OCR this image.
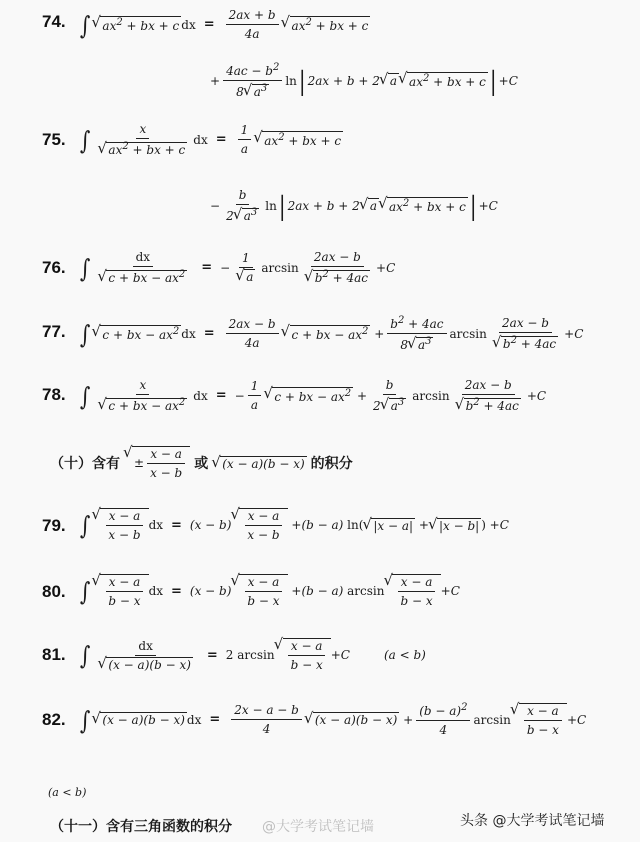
74. ∫ √ $ax^2$ + bx + c dx = $\frac{2ax + b}{4a}$ √ $ax^2$ + bx + c
+ $\frac{4ac - b^2}{8 √ a^3}$ ln | 2ax + b + 2 √ a √ $ax^2$ + bx + c | + C
75. ∫ x
√ $ax^2$ + bx + c dx = $\frac{1}{a}$ √ $ax^2$ + bx + c
− $\frac{b}{2 √ a^3}$ ln | 2ax + b + 2 √ a √ $ax^2$ + bx + c | + C
76. ∫ dx
√ c + bx − $ax^2$ = − 1
√ a arcsin 2ax − b
√ $b^2 + 4ac + C$
77. ∫ √ c + bx − $ax^2$ dx = $\frac{2ax - b}{4a}$ √ c + bx − $ax^2 + \frac{b^2 + 4ac}{8 √ a^3}$ arcsin 2ax − b
√ $b^2 + 4ac + C$
78. ∫ x
√ c + bx − $ax^2$ dx = − $\frac{1}{a}$ √ c + bx − $ax^2 + \frac{b}{2 √ a^3}$ arcsin 2ax − b
√ $b^2 + 4ac + C$
（十）含有 √ ± $\frac{x - a}{x - b}$ 或 √ (x − a)(b − x) 的积分
79. ∫ √ $\frac{x - a}{x - b}$ dx = (x − b) √ $\frac{x - a}{x - b} + (b - a)$ ln( √ |x − a| + √ |x − b| ) + C
80. ∫ √ $\frac{x - a}{b - x}$ dx = (x − b) √ $\frac{x - a}{b - x} + (b - a)$ arcsin √ $\frac{x - a}{b - x} + C$
81. ∫ dx
√ (x − a)(b − x) = 2 arcsin √ $\frac{x - a}{b - x} + C$	(a < b)
82. ∫ √ (x − a)(b − x) dx = $\frac{2x - a - b}{4}$ √ $(x - a)(b - x) + \frac{(b - a)^2}{4}$ arcsin √ $\frac{x - a}{b - x} + C$
(a < b)
（十一）含有三角函数的积分 @大学考试笔记墙	头条 @大学考试笔记墙
